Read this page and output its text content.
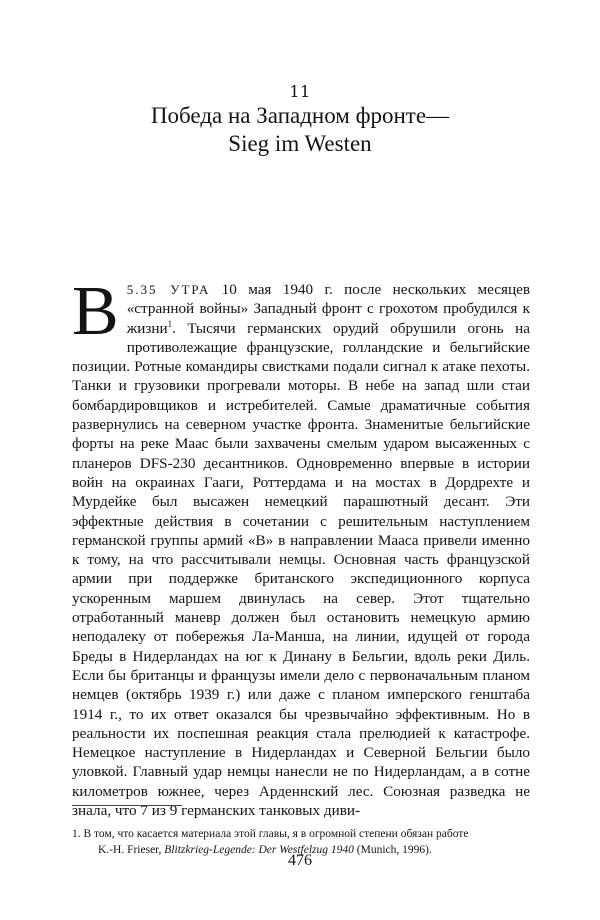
11
Победа на Западном фронте—
Sieg im Westen
В 5.35 УТРА 10 мая 1940 г. после нескольких месяцев «странной войны» Западный фронт с грохотом пробудился к жизни$^1$. Тысячи германских орудий обрушили огонь на противолежащие французские, голландские и бельгийские позиции. Ротные командиры свистками подали сигнал к атаке пехоты. Танки и грузовики прогревали моторы. В небе на запад шли стаи бомбардировщиков и истребителей. Самые драматичные события развернулись на северном участке фронта. Знаменитые бельгийские форты на реке Маас были захвачены смелым ударом высаженных с планеров DFS-230 десантников. Одновременно впервые в истории войн на окраинах Гааги, Роттердама и на мостах в Дордрехте и Мурдейке был высажен немецкий парашютный десант. Эти эффектные действия в сочетании с решительным наступлением германской группы армий «В» в направлении Мааса привели именно к тому, на что рассчитывали немцы. Основная часть французской армии при поддержке британского экспедиционного корпуса ускоренным маршем двинулась на север. Этот тщательно отработанный маневр должен был остановить немецкую армию неподалеку от побережья Ла-Манша, на линии, идущей от города Бреды в Нидерландах на юг к Динану в Бельгии, вдоль реки Диль. Если бы британцы и французы имели дело с первоначальным планом немцев (октябрь 1939 г.) или даже с планом имперского генштаба 1914 г., то их ответ оказался бы чрезвычайно эффективным. Но в реальности их поспешная реакция стала прелюдией к катастрофе. Немецкое наступление в Нидерландах и Северной Бельгии было уловкой. Главный удар немцы нанесли не по Нидерландам, а в сотне километров южнее, через Арденнский лес. Союзная разведка не знала, что 7 из 9 германских танковых диви-
1. В том, что касается материала этой главы, я в огромной степени обязан работе
K.-H. Frieser, Blitzkrieg-Legende: Der Westfelzug 1940 (Munich, 1996).
476
